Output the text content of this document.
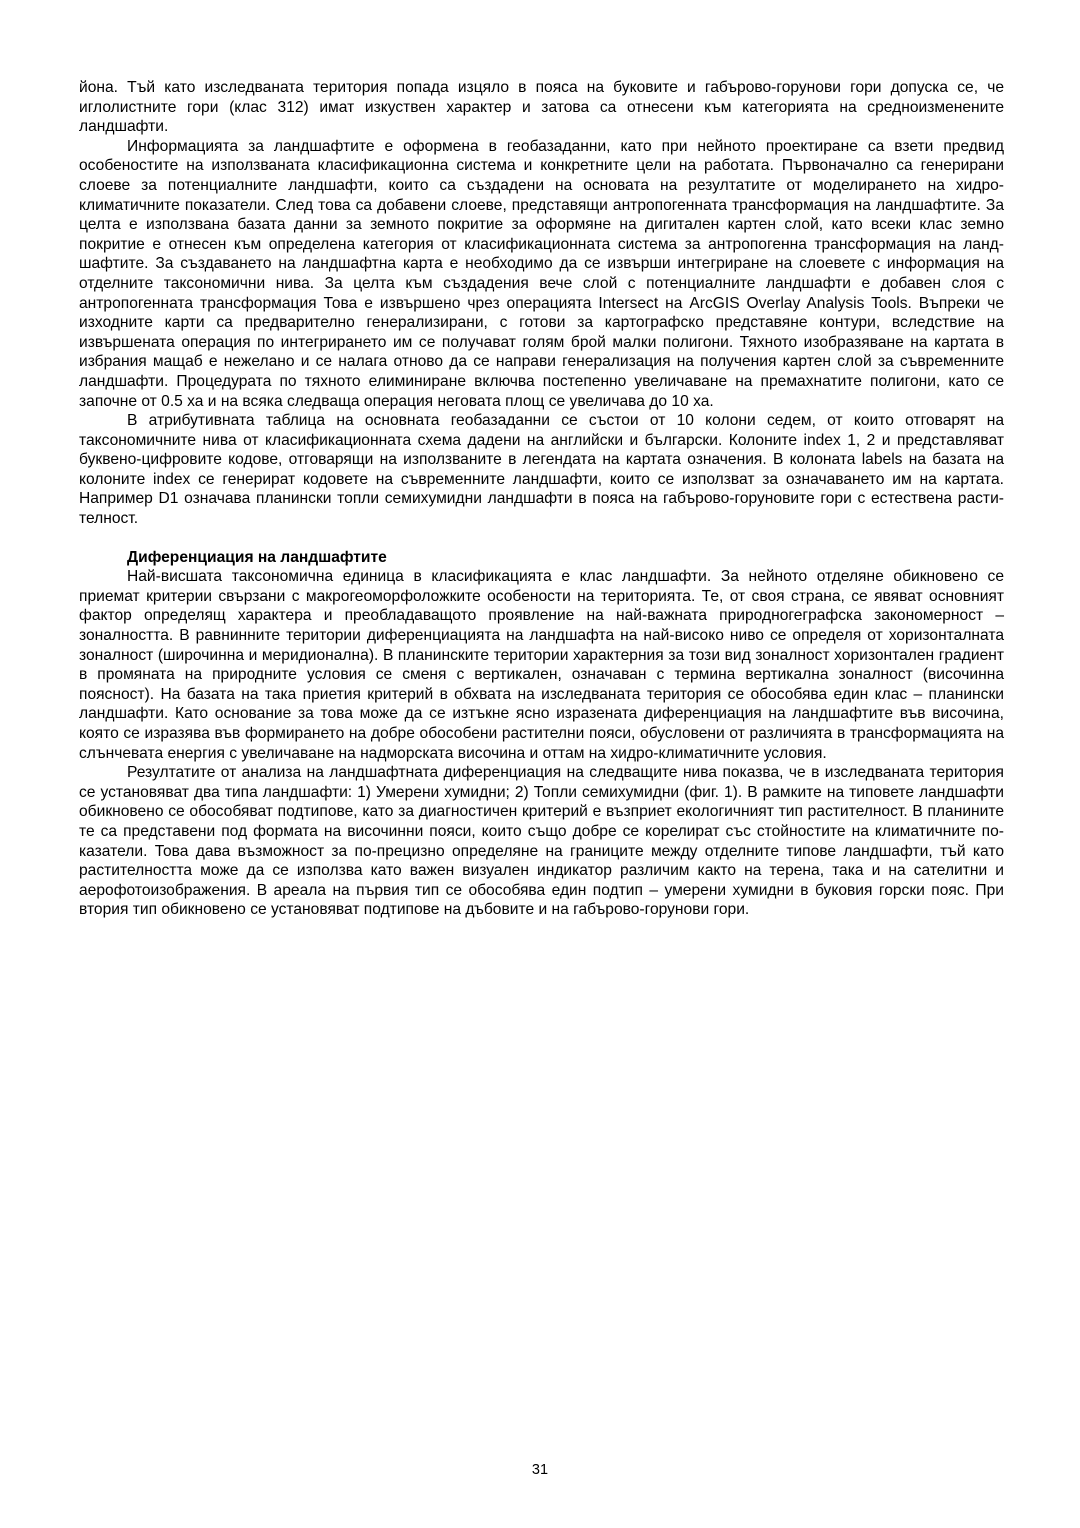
йона. Тъй като изследваната територия попада изцяло в пояса на буковите и габърово-горунови гори допуска се, че иглолистните гори (клас 312) имат изкуствен характер и затова са отнесени към категорията на средноизменените ландшафти.

Информацията за ландшафтите е оформена в геобазаданни, като при нейното проектиране са взети предвид особеностите на използваната класификационна система и конкретните цели на работата. Първоначално са генерирани слоеве за потенциалните ландшафти, които са създадени на основата на резултатите от моделирането на хидро-климатичните показатели. След това са добавени слоеве, представящи антропогенната трансформация на ландшафтите. За целта е използвана базата данни за земното покритие за оформяне на дигитален картен слой, като всеки клас земно покритие е отнесен към определена категория от класификационната система за антропогенна трансформация на ландшафтите. За създаването на ландшафтна карта е необходимо да се извърши интегриране на слоевете с информация на отделните таксономични нива. За целта към създадения вече слой с потенциалните ландшафти е добавен слоя с антропогенната трансформация Това е извършено чрез операцията Intersect на ArcGIS Overlay Analysis Tools. Въпреки че изходните карти са предварително генерализирани, с готови за картографско представяне контури, вследствие на извършената операция по интегрирането им се получават голям брой малки полигони. Тяхното изобразяване на картата в избрания мащаб е нежелано и се налага отново да се направи генерализация на получения картен слой за съвременните ландшафти. Процедурата по тяхното елиминиране включва постепенно увеличаване на премахнатите полигони, като се започне от 0.5 ха и на всяка следваща операция неговата площ се увеличава до 10 ха.

В атрибутивната таблица на основната геобазаданни се състои от 10 колони седем, от които отговарят на таксономичните нива от класификационната схема дадени на английски и български. Колоните index 1, 2 и представляват буквено-цифровите кодове, отговарящи на използваните в легендата на картата означения. В колоната labels на базата на колоните index се генерират кодовете на съвременните ландшафти, които се използват за означаването им на картата. Например D1 означава планински топли семихумидни ландшафти в пояса на габърово-горуновите гори с естествена растителност.

Диференциация на ландшафтите

Най-висшата таксономична единица в класификацията е клас ландшафти. За нейното отделяне обикновено се приемат критерии свързани с макрогеоморфоложките особености на територията. Те, от своя страна, се явяват основният фактор определящ характера и преобладаващото проявление на най-важната природногеграфска закономерност – зоналността. В равнинните територии диференциацията на ландшафта на най-високо ниво се определя от хоризонталната зоналност (широчинна и меридионална). В планинските територии характерния за този вид зоналност хоризонтален градиент в промяната на природните условия се сменя с вертикален, означаван с термина вертикална зоналност (височинна поясност). На базата на така приетия критерий в обхвата на изследваната територия се обособява един клас – планински ландшафти. Като основание за това може да се изтъкне ясно изразената диференциация на ландшафтите във височина, която се изразява във формирането на добре обособени растителни пояси, обусловени от различията в трансформацията на слънчевата енергия с увеличаване на надморската височина и оттам на хидро-климатичните условия.

Резултатите от анализа на ландшафтната диференциация на следващите нива показва, че в изследваната територия се установяват два типа ландшафти: 1) Умерени хумидни; 2) Топли семихумидни (фиг. 1). В рамките на типовете ландшафти обикновено се обособяват подтипове, като за диагностичен критерий е възприет екологичният тип растителност. В планините те са представени под формата на височинни пояси, които също добре се корелират със стойностите на климатичните показатели. Това дава възможност за по-прецизно определяне на границите между отделните типове ландшафти, тъй като растителността може да се използва като важен визуален индикатор различим както на терена, така и на сателитни и аерофотоизображения. В ареала на първия тип се обособява един подтип – умерени хумидни в буковия горски пояс. При втория тип обикновено се установяват подтипове на дъбовите и на габърово-горунови гори.

31
